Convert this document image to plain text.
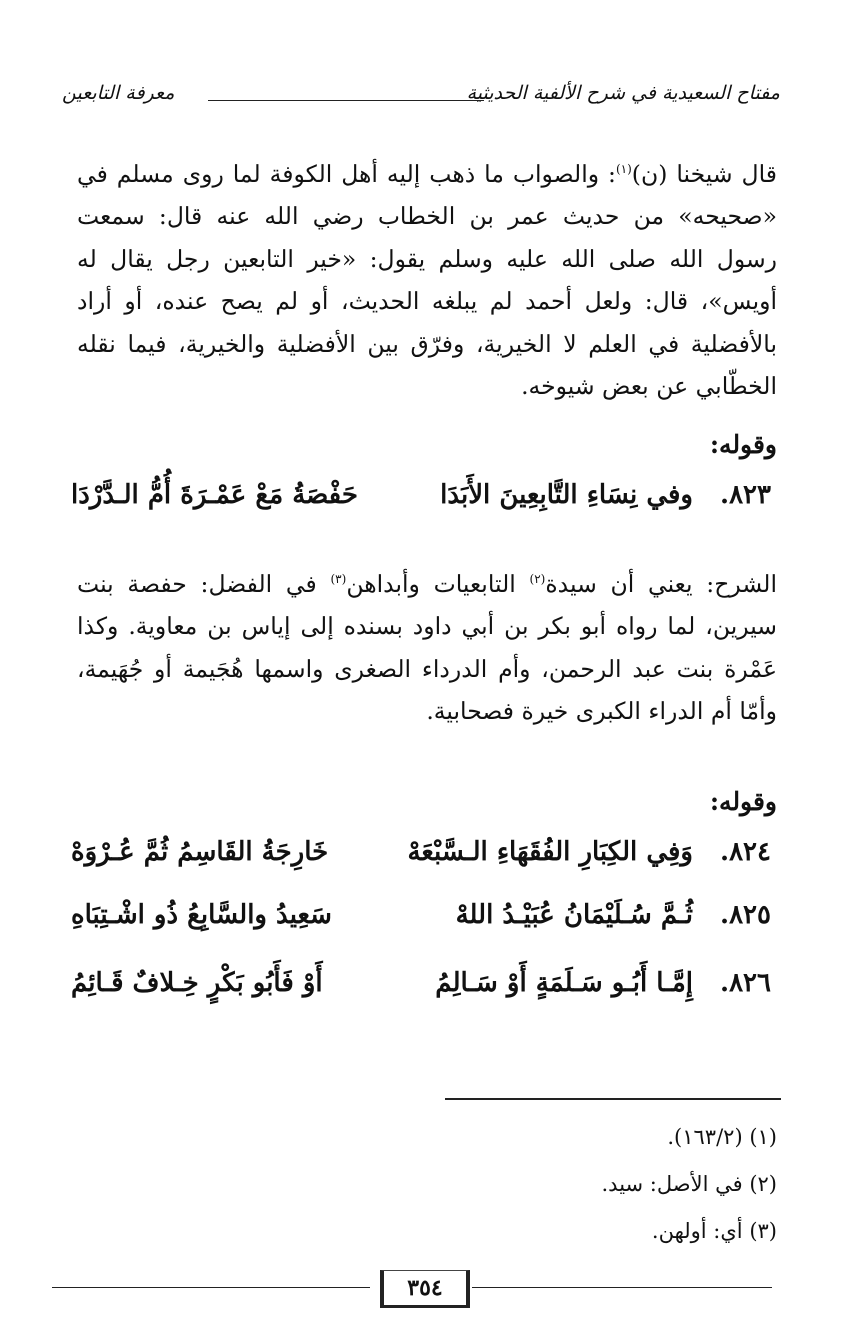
مفتاح السعيدية في شرح الألفية الحديثية
معرفة التابعين
قال شيخنا (ن)$^{(١)}$: والصواب ما ذهب إليه أهل الكوفة لما روى مسلم في «صحيحه» من حديث عمر بن الخطاب رضي الله عنه قال: سمعت رسول الله صلى الله عليه وسلم يقول: «خير التابعين رجل يقال له أويس»، قال: ولعل أحمد لم يبلغه الحديث، أو لم يصح عنده، أو أراد بالأفضلية في العلم لا الخيرية، وفرّق بين الأفضلية والخيرية، فيما نقله الخطّابي عن بعض شيوخه.
وقوله:
٨٢٣.
وفي نِسَاءِ التَّابِعِينَ الأَبَدَا
حَفْصَةُ مَعْ عَمْـرَةَ أُمُّ الـدَّرْدَا
الشرح: يعني أن سيدة$^{(٢)}$ التابعيات وأبداهن$^{(٣)}$ في الفضل: حفصة بنت سيرين، لما رواه أبو بكر بن أبي داود بسنده إلى إياس بن معاوية. وكذا عَمْرة بنت عبد الرحمن، وأم الدرداء الصغرى واسمها هُجَيمة أو جُهَيمة، وأمّا أم الدراء الكبرى خيرة فصحابية.
وقوله:
٨٢٤.
وَفِي الكِبَارِ الفُقَهَاءِ الـسَّبْعَهْ
خَارِجَةُ القَاسِمُ ثُمَّ عُـرْوَهْ
٨٢٥.
ثُـمَّ سُـلَيْمَانُ عُبَيْـدُ اللهْ
سَعِيدُ والسَّابِعُ ذُو اشْـتِبَاهِ
٨٢٦.
إِمَّـا أَبُـو سَـلَمَةٍ أَوْ سَـالِمُ
أَوْ فَأَبُو بَكْرٍ خِـلافٌ قَـائِمُ
(١) (١٦٣/٢).
(٢) في الأصل: سيد.
(٣) أي: أولهن.
٣٥٤
